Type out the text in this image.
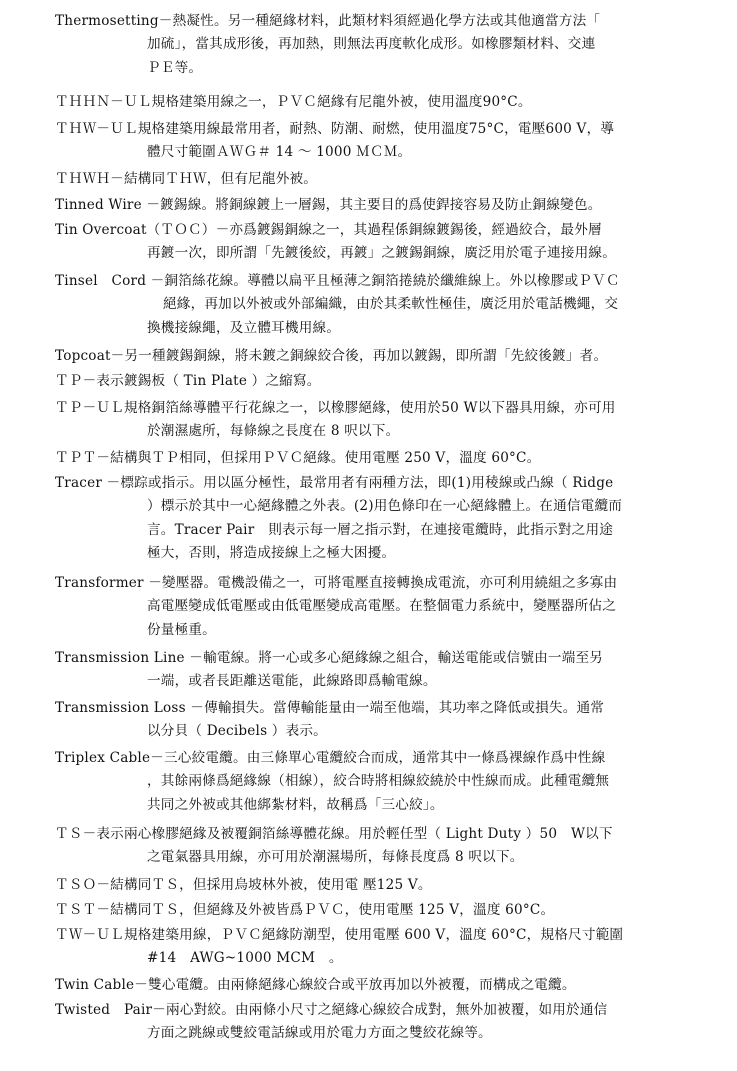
Thermosetting－熱凝性。另一種絕緣材料，此類材料須經過化學方法或其他適當方法「
加硫」，當其成形後，再加熱，則無法再度軟化成形。如橡膠類材料、交連
ＰＥ等。
ＴＨＨＮ－ＵＬ規格建築用線之一，ＰＶＣ絕緣有尼龍外被，使用溫度90°C。
ＴＨＷ－ＵＬ規格建築用線最常用者，耐熱、防潮、耐燃，使用溫度75°C，電壓600 V，導
體尺寸範圍ＡＷＧ＃ 14 ～ 1000 ＭＣＭ。
ＴＨＷＨ－結構同ＴＨＷ，但有尼龍外被。
Tinned Wire －鍍錫線。將銅線鍍上一層錫，其主要目的爲使銲接容易及防止銅線變色。
Tin Overcoat（ＴＯＣ）－亦爲鍍錫銅線之一，其過程係銅線鍍錫後，經過絞合，最外層
再鍍一次，即所謂「先鍍後絞，再鍍」之鍍錫銅線，廣泛用於電子連接用線。
Tinsel　Cord －銅箔絲花線。導體以扁平且極薄之銅箔捲繞於纖維線上。外以橡膠或ＰＶＣ
絕緣，再加以外被或外部編織，由於其柔軟性極佳，廣泛用於電話機繩，交
換機接線繩，及立體耳機用線。
Topcoat－另一種鍍錫銅線，將未鍍之銅線絞合後，再加以鍍錫，即所謂「先絞後鍍」者。
ＴＰ－表示鍍錫板（ Tin Plate ）之縮寫。
ＴＰ－ＵＬ規格銅箔絲導體平行花線之一，以橡膠絕緣，使用於50 W以下器具用線，亦可用
於潮濕處所，每條線之長度在 8 呎以下。
ＴＰＴ－結構與ＴＰ相同，但採用ＰＶＣ絕緣。使用電壓 250 V，溫度 60°C。
Tracer －標踪或指示。用以區分極性，最常用者有兩種方法，即(1)用稜線或凸線（ Ridge
）標示於其中一心絕緣體之外表。(2)用色條印在一心絕緣體上。在通信電纜而
言。Tracer Pair　則表示每一層之指示對，在連接電纜時，此指示對之用途
極大，否則，將造成接線上之極大困擾。
Transformer －變壓器。電機設備之一，可將電壓直接轉換成電流，亦可利用繞組之多寡由
高電壓變成低電壓或由低電壓變成高電壓。在整個電力系統中，變壓器所佔之
份量極重。
Transmission Line －輸電線。將一心或多心絕緣線之組合，輸送電能或信號由一端至另
一端，或者長距離送電能，此線路即爲輸電線。
Transmission Loss －傳輸損失。當傳輸能量由一端至他端，其功率之降低或損失。通常
以分貝（ Decibels ）表示。
Triplex Cable－三心絞電纜。由三條單心電纜絞合而成，通常其中一條爲裸線作爲中性線
，其餘兩條爲絕緣線（相線），絞合時將相線絞繞於中性線而成。此種電纜無
共同之外被或其他綁紮材料，故稱爲「三心絞」。
ＴＳ－表示兩心橡膠絕緣及被覆銅箔絲導體花線。用於輕任型（ Light Duty ）50　W以下
之電氣器具用線，亦可用於潮濕場所，每條長度爲 8 呎以下。
ＴＳＯ－結構同ＴＳ，但採用烏坡林外被，使用電 壓125 V。
ＴＳＴ－結構同ＴＳ，但絕緣及外被皆爲ＰＶＣ，使用電壓 125 V，溫度 60°C。
ＴＷ－ＵＬ規格建築用線，ＰＶＣ絕緣防潮型，使用電壓 600 V，溫度 60°C，規格尺寸範圍
#14　AWG~1000 MCM　。
Twin Cable－雙心電纜。由兩條絕緣心線絞合或平放再加以外被覆，而構成之電纜。
Twisted　Pair－兩心對絞。由兩條小尺寸之絕緣心線絞合成對，無外加被覆，如用於通信
方面之跳線或雙絞電話線或用於電力方面之雙絞花線等。
